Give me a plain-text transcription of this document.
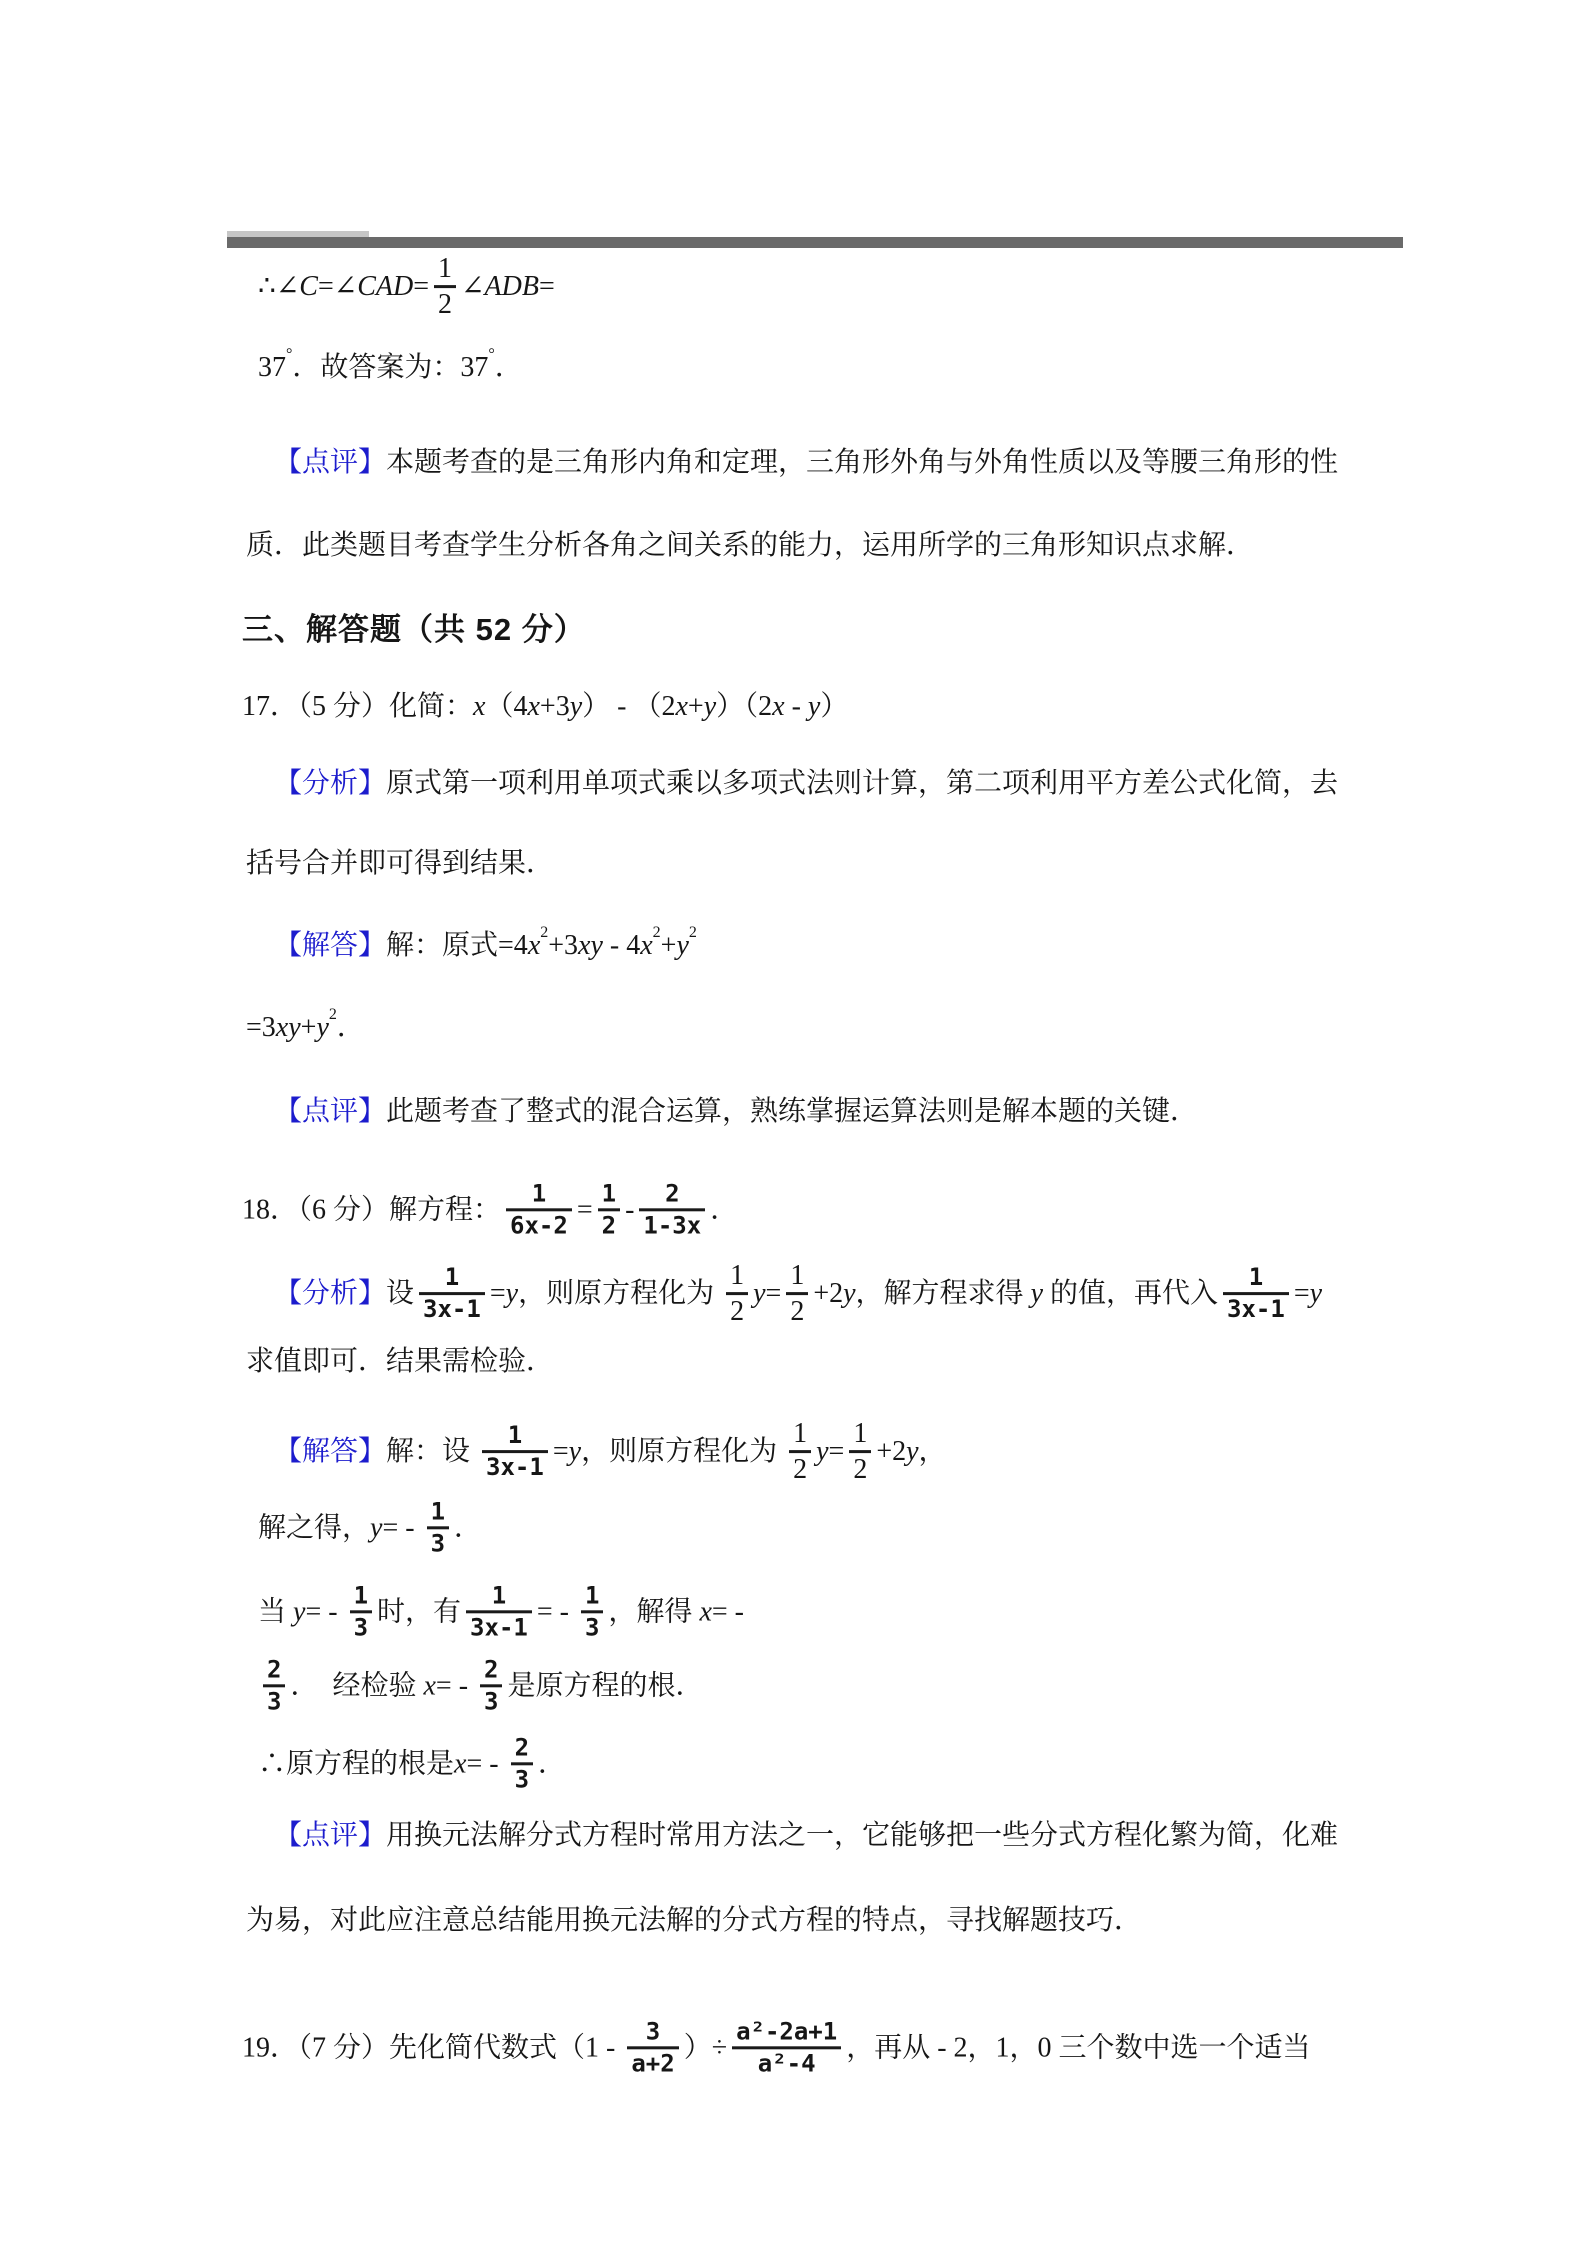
∴∠ C =∠ CAD = $\frac{1}{2}$ ∠ ADB =
37 ° ．故答案为：37 ° ．
【点评】 本题考查的是三角形内角和定理，三角形外角与外角性质以及等腰三角形的性
质．此类题目考查学生分析各角之间关系的能力，运用所学的三角形知识点求解．
三、解答题（共 52 分）
17．（5 分）化简： x （4 x +3 y ） - （2 x + y ）（2 x - y ）
【分析】 原式第一项利用单项式乘以多项式法则计算，第二项利用平方差公式化简，去
括号合并即可得到结果．
【解答】 解：原式=4 x 2 +3 xy - 4 x 2 + y 2
=3 xy + y 2 ．
【点评】 此题考查了整式的混合运算，熟练掌握运算法则是解本题的关键．
18．（6 分）解方程： $\frac{1}{6x-2} = \frac{1}{2} - \frac{2}{1-3x}$ ．
【分析】 设 $\frac{1}{3x-1} = y$ ，则原方程化为 $\frac{1}{2}$ $y = \frac{1}{2} +2$ y ，解方程求得 y 的值，再代入 $\frac{1}{3x-1} = y$
求值即可．结果需检验．
【解答】 解：设 $\frac{1}{3x-1} = y$ ，则原方程化为 $\frac{1}{2}$ $y = \frac{1}{2} +2$ y ，
解之得， y = - $\frac{1}{3}$ ．
当 y = - $\frac{1}{3}$ 时，有 $\frac{1}{3x-1}$ = - $\frac{1}{3}$ ，解得 x = -
$\frac{2}{3}$ ．  经检验 x = - $\frac{2}{3}$ 是原方程的根．
∴原方程的根是 x = - $\frac{2}{3}$ ．
【点评】 用换元法解分式方程时常用方法之一，它能够把一些分式方程化繁为简，化难
为易，对此应注意总结能用换元法解的分式方程的特点，寻找解题技巧．
19．（7 分）先化简代数式（$1 - \frac{3}{a+2}$ ）÷ $\frac{\text{a²-2a+1}}{\text{a²-4}}$ ，再从 - 2，1，0 三个数中选一个适当
